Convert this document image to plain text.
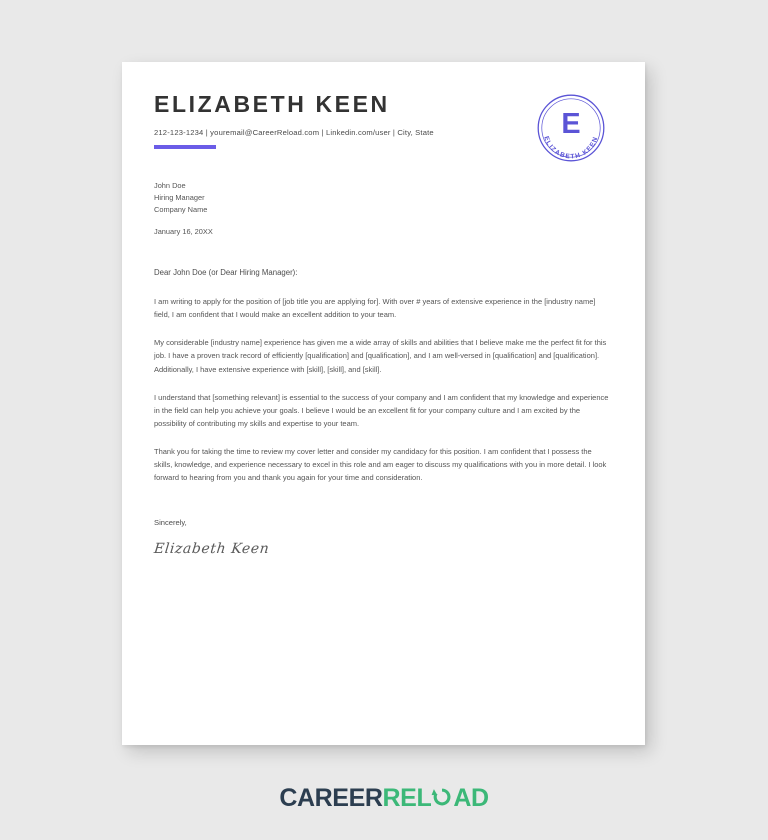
ELIZABETH KEEN
212-123-1234 | youremail@CareerReload.com | Linkedin.com/user | City, State	E
ELIZABETH KEEN
John Doe
Hiring Manager
Company Name
January 16, 20XX

Dear John Doe (or Dear Hiring Manager):

I am writing to apply for the position of [job title you are applying for]. With over # years of extensive experience in the [industry name] field, I am confident that I would make an excellent addition to your team.

My considerable [industry name] experience has given me a wide array of skills and abilities that I believe make me the perfect fit for this job. I have a proven track record of efficiently [qualification] and [qualification], and I am well-versed in [qualification] and [qualification]. Additionally, I have extensive experience with [skill], [skill], and [skill].

I understand that [something relevant] is essential to the success of your company and I am confident that my knowledge and experience in the field can help you achieve your goals. I believe I would be an excellent fit for your company culture and I am excited by the possibility of contributing my skills and expertise to your team.

Thank you for taking the time to review my cover letter and consider my candidacy for this position. I am confident that I possess the skills, knowledge, and experience necessary to excel in this role and am eager to discuss my qualifications with you in more detail. I look forward to hearing from you and thank you again for your time and consideration.

Sincerely,

Elizabeth Keen
CAREERREL AD
